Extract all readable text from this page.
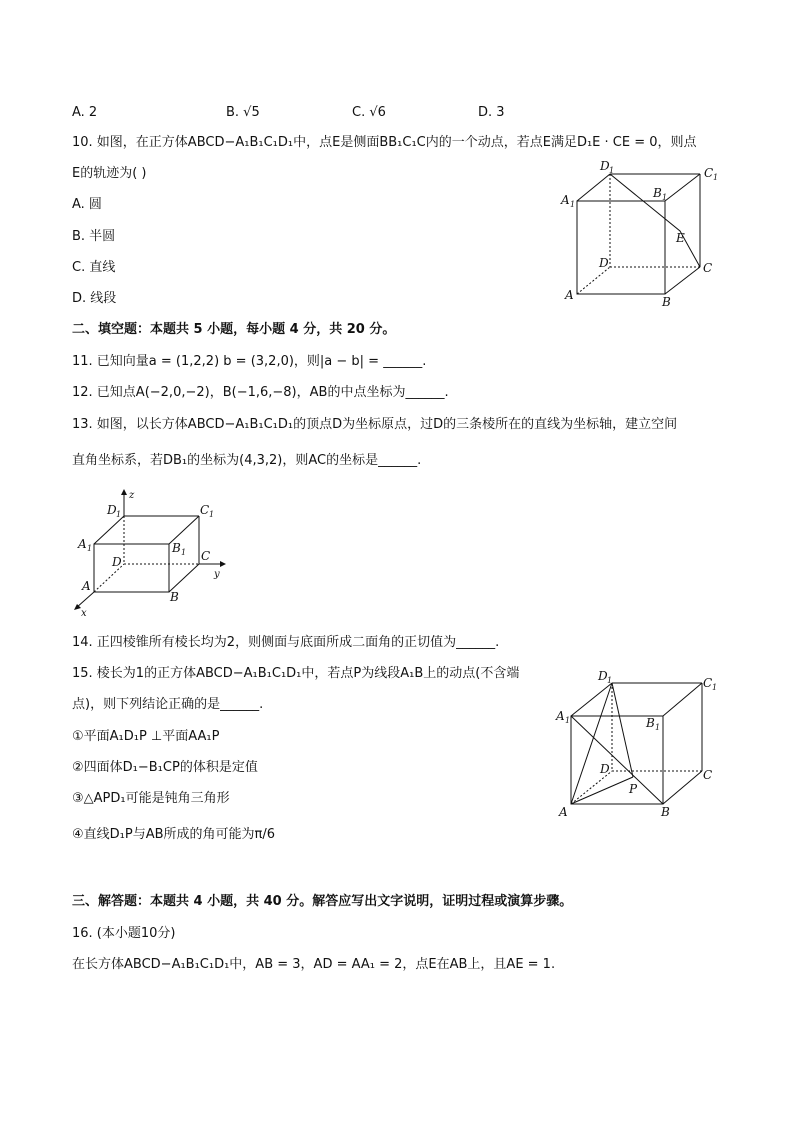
A. 2	B. √5	C. √6	D. 3
10. 如图，在正方体ABCD−A₁B₁C₁D₁中，点E是侧面BB₁C₁C内的一个动点，若点E满足D₁E · CE = 0，则点
E的轨迹为( )
A. 圆
B. 半圆
C. 直线
D. 线段
D 1	C 1
A 1
B 1
E
D	C
A	B
二、填空题：本题共 5 小题，每小题 4 分，共 20 分。
11. 已知向量a = (1,2,2) b = (3,2,0)，则|a − b| = ______.
12. 已知点A(−2,0,−2)，B(−1,6,−8)，AB的中点坐标为______.
13. 如图，以长方体ABCD−A₁B₁C₁D₁的顶点D为坐标原点，过D的三条棱所在的直线为坐标轴，建立空间
直角坐标系，若DB₁的坐标为(4,3,2)，则AC的坐标是______.
z
y
x
D 1	C 1
A 1	B 1 C
D
A
B
14. 正四棱锥所有棱长均为2，则侧面与底面所成二面角的正切值为______.
15. 棱长为1的正方体ABCD−A₁B₁C₁D₁中，若点P为线段A₁B上的动点(不含端
点)，则下列结论正确的是______.
①平面A₁D₁P ⊥平面AA₁P
②四面体D₁−B₁CP的体积是定值
③△APD₁可能是钝角三角形
④直线D₁P与AB所成的角可能为π/6
D 1	C 1
A 1	B 1
D
P
C
A	B
三、解答题：本题共 4 小题，共 40 分。解答应写出文字说明，证明过程或演算步骤。
16. (本小题10分)
在长方体ABCD−A₁B₁C₁D₁中，AB = 3，AD = AA₁ = 2，点E在AB上，且AE = 1.
